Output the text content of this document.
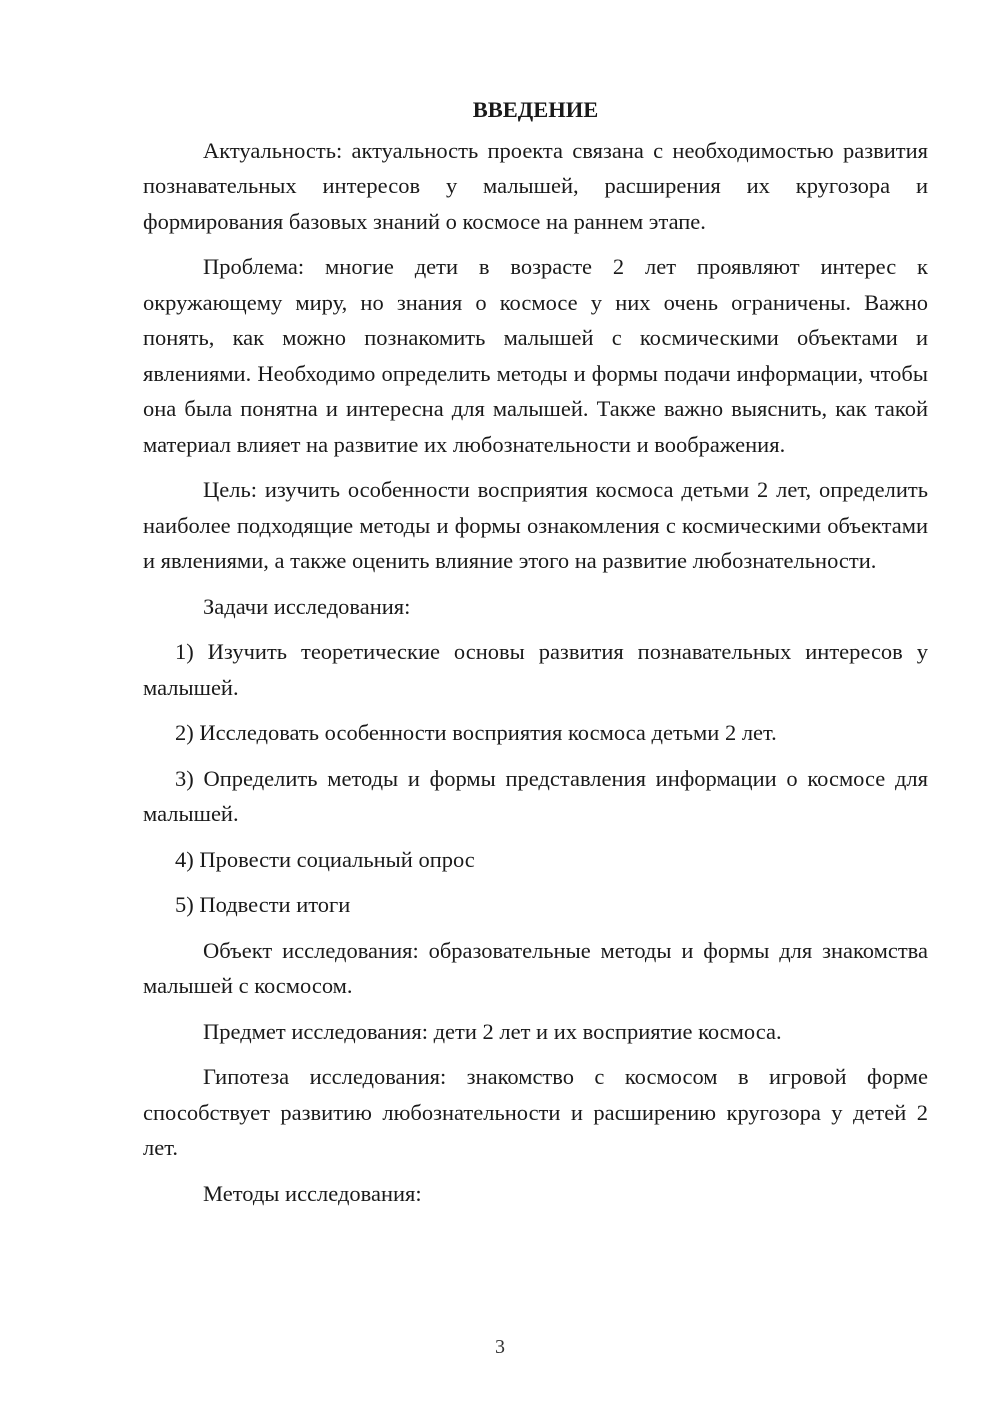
ВВЕДЕНИЕ

Актуальность: актуальность проекта связана с необходимостью развития познавательных интересов у малышей, расширения их кругозора и формирования базовых знаний о космосе на раннем этапе.

Проблема: многие дети в возрасте 2 лет проявляют интерес к окружающему миру, но знания о космосе у них очень ограничены. Важно понять, как можно познакомить малышей с космическими объектами и явлениями. Необходимо определить методы и формы подачи информации, чтобы она была понятна и интересна для малышей. Также важно выяснить, как такой материал влияет на развитие их любознательности и воображения.

Цель: изучить особенности восприятия космоса детьми 2 лет, определить наиболее подходящие методы и формы ознакомления с космическими объектами и явлениями, а также оценить влияние этого на развитие любознательности.

Задачи исследования:

1) Изучить теоретические основы развития познавательных интересов у малышей.

2) Исследовать особенности восприятия космоса детьми 2 лет.

3) Определить методы и формы представления информации о космосе для малышей.

4) Провести социальный опрос

5) Подвести итоги

Объект исследования: образовательные методы и формы для знакомства малышей с космосом.

Предмет исследования: дети 2 лет и их восприятие космоса.

Гипотеза исследования: знакомство с космосом в игровой форме способствует развитию любознательности и расширению кругозора у детей 2 лет.

Методы исследования:

3
